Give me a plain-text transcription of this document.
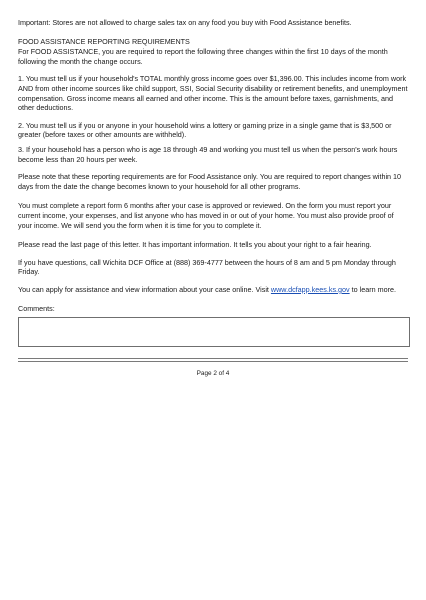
Important: Stores are not allowed to charge sales tax on any food you buy with Food Assistance benefits.

FOOD ASSISTANCE REPORTING REQUIREMENTS

For FOOD ASSISTANCE, you are required to report the following three changes within the first 10 days of the month following the month the change occurs.

1. You must tell us if your household's TOTAL monthly gross income goes over $1,396.00. This includes income from work AND from other income sources like child support, SSI, Social Security disability or retirement benefits, and unemployment compensation. Gross income means all earned and other income. This is the amount before taxes, garnishments, and other deductions.

2. You must tell us if you or anyone in your household wins a lottery or gaming prize in a single game that is $3,500 or greater (before taxes or other amounts are withheld).

3. If your household has a person who is age 18 through 49 and working you must tell us when the person's work hours become less than 20 hours per week.

Please note that these reporting requirements are for Food Assistance only. You are required to report changes within 10 days from the date the change becomes known to your household for all other programs.

You must complete a report form 6 months after your case is approved or reviewed. On the form you must report your current income, your expenses, and list anyone who has moved in or out of your home. You must also provide proof of your income. We will send you the form when it is time for you to complete it.

Please read the last page of this letter. It has important information. It tells you about your right to a fair hearing.

If you have questions, call Wichita DCF Office at (888) 369-4777 between the hours of 8 am and 5 pm Monday through Friday.

You can apply for assistance and view information about your case online. Visit www.dcfapp.kees.ks.gov to learn more.

Comments:

Page 2 of 4
